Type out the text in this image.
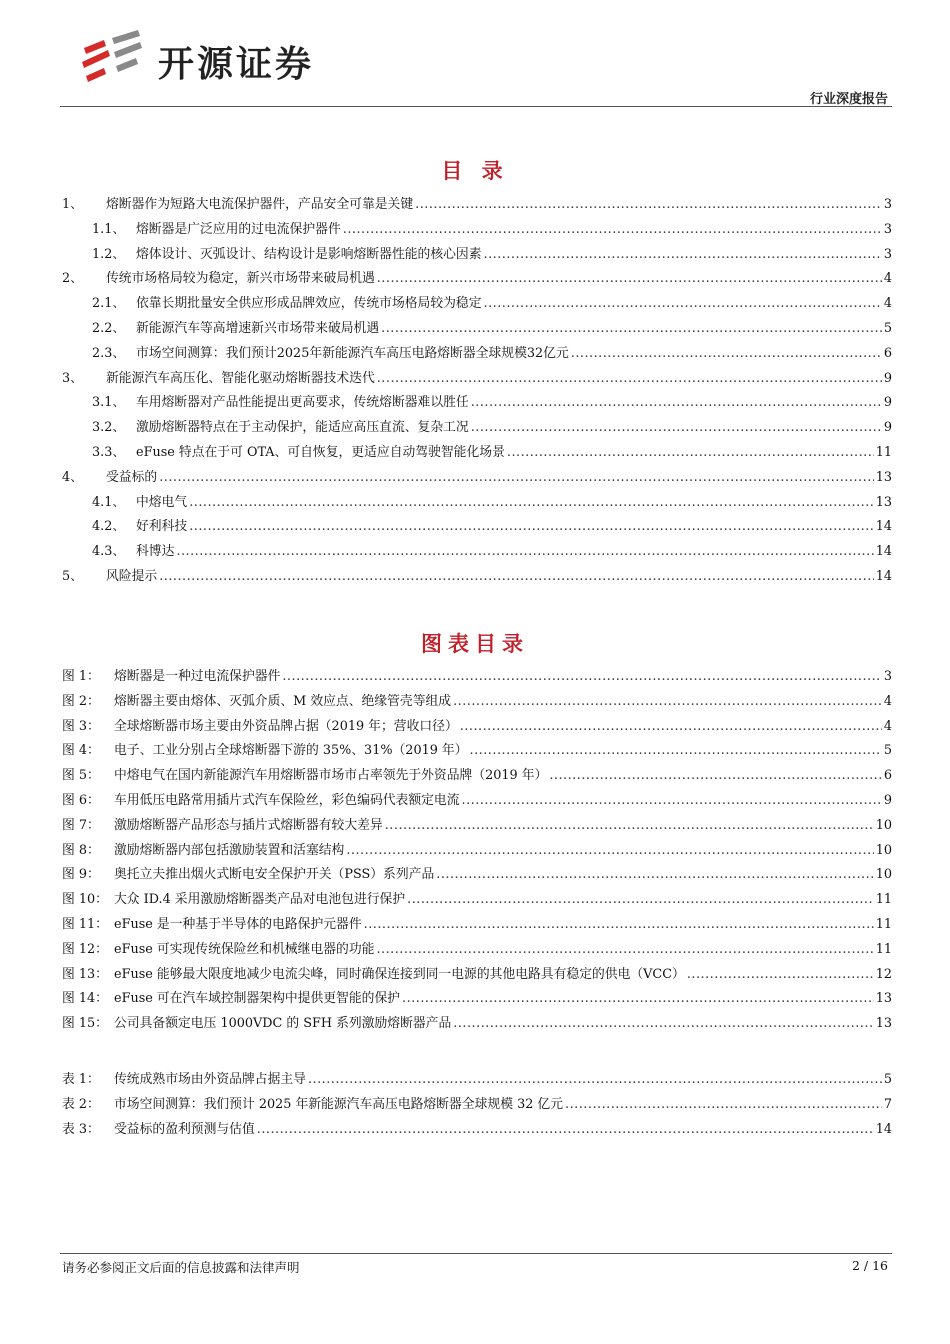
开源证券
行业深度报告
目 录
1、	熔断器作为短路大电流保护器件，产品安全可靠是关键 .....	3
1.1、 熔断器是广泛应用的过电流保护器件 .....	3
1.2、 熔体设计、灭弧设计、结构设计是影响熔断器性能的核心因素 .....	3
2、	传统市场格局较为稳定，新兴市场带来破局机遇 .....	4
2.1、 依靠长期批量安全供应形成品牌效应，传统市场格局较为稳定 .....	4
2.2、 新能源汽车等高增速新兴市场带来破局机遇 .....	5
2.3、 市场空间测算：我们预计2025年新能源汽车高压电路熔断器全球规模32亿元 .....	6
3、	新能源汽车高压化、智能化驱动熔断器技术迭代 .....	9
3.1、 车用熔断器对产品性能提出更高要求，传统熔断器难以胜任 .....	9
3.2、 激励熔断器特点在于主动保护，能适应高压直流、复杂工况 .....	9
3.3、 eFuse 特点在于可 OTA、可自恢复，更适应自动驾驶智能化场景 .....	11
4、	受益标的 .....	13
4.1、 中熔电气 .....	13
4.2、 好利科技 .....	14
4.3、 科博达 .....	14
5、	风险提示 .....	14
图表目录
图 1：	熔断器是一种过电流保护器件 .....	3
图 2：	熔断器主要由熔体、灭弧介质、M 效应点、绝缘管壳等组成 .....	4
图 3：	全球熔断器市场主要由外资品牌占据（2019 年；营收口径） .....	4
图 4：	电子、工业分别占全球熔断器下游的 35%、31%（2019 年） .....	5
图 5：	中熔电气在国内新能源汽车用熔断器市场市占率领先于外资品牌（2019 年） .....	6
图 6：	车用低压电路常用插片式汽车保险丝，彩色编码代表额定电流 .....	9
图 7：	激励熔断器产品形态与插片式熔断器有较大差异 .....	10
图 8：	激励熔断器内部包括激励装置和活塞结构 .....	10
图 9：	奥托立夫推出烟火式断电安全保护开关（PSS）系列产品 .....	10
图 10： 大众 ID.4 采用激励熔断器类产品对电池包进行保护 .....	11
图 11： eFuse 是一种基于半导体的电路保护元器件 .....	11
图 12： eFuse 可实现传统保险丝和机械继电器的功能 .....	11
图 13： eFuse 能够最大限度地减少电流尖峰，同时确保连接到同一电源的其他电路具有稳定的供电（VCC） .....	12
图 14： eFuse 可在汽车域控制器架构中提供更智能的保护 .....	13
图 15： 公司具备额定电压 1000VDC 的 SFH 系列激励熔断器产品 .....	13
表 1：	传统成熟市场由外资品牌占据主导 .....	5
表 2：	市场空间测算：我们预计 2025 年新能源汽车高压电路熔断器全球规模 32 亿元 .....	7
表 3：	受益标的盈利预测与估值 .....	14
请务必参阅正文后面的信息披露和法律声明	2 / 16
